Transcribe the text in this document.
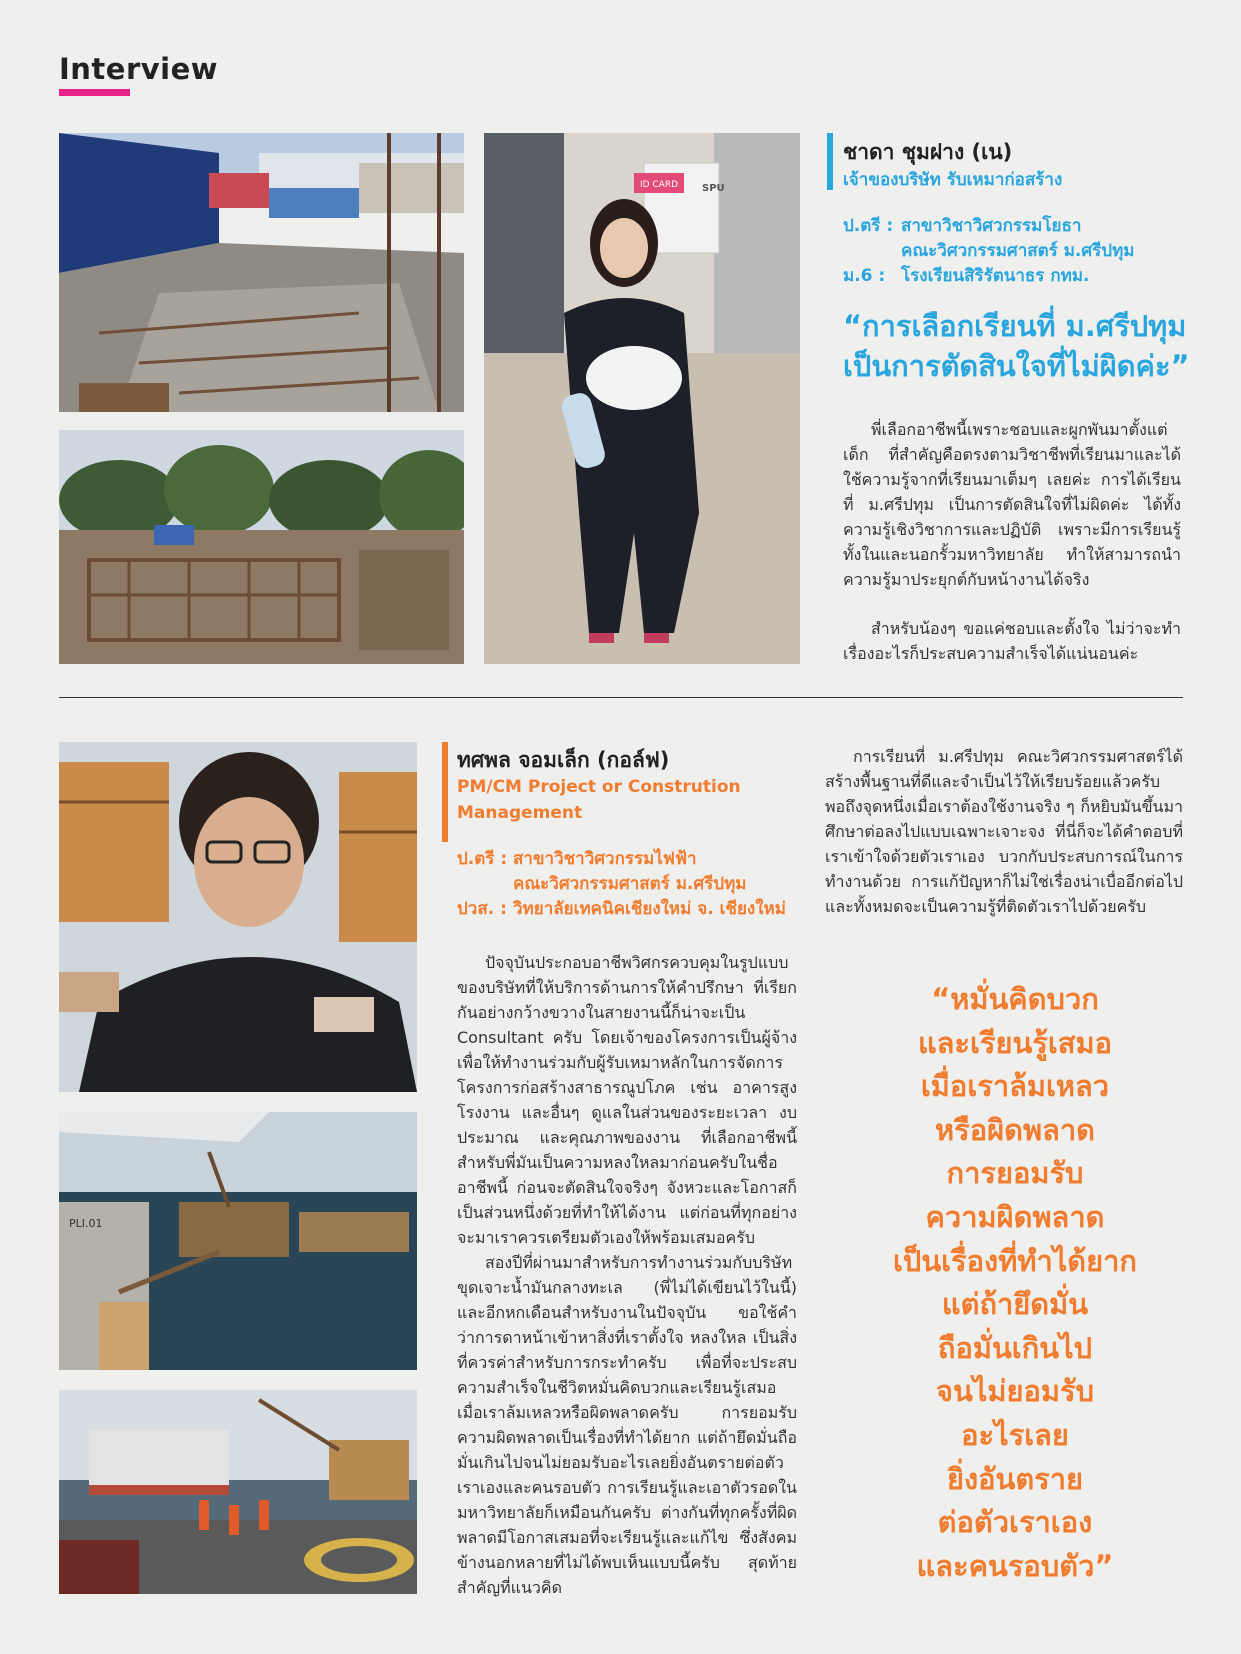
Interview
ID CARD SPU
ชาดา ชุมฝาง (เน)
เจ้าของบริษัท รับเหมาก่อสร้าง
ป.ตรี : สาขาวิชาวิศวกรรมโยธา
คณะวิศวกรรมศาสตร์ ม.ศรีปทุม
ม.6 : โรงเรียนสิริรัตนาธร กทม.
“การเลือกเรียนที่ ม.ศรีปทุม
เป็นการตัดสินใจที่ไม่ผิดค่ะ”
พี่เลือกอาชีพนี้เพราะชอบและผูกพันมาตั้งแต่เด็ก ที่สำคัญคือตรงตามวิชาชีพที่เรียนมาและได้ใช้ความรู้จากที่เรียนมาเต็มๆ เลยค่ะ การได้เรียนที่ ม.ศรีปทุม เป็นการตัดสินใจที่ไม่ผิดค่ะ ได้ทั้งความรู้เชิงวิชาการและปฏิบัติ เพราะมีการเรียนรู้ทั้งในและนอกรั้วมหาวิทยาลัย ทำให้สามารถนำความรู้มาประยุกต์กับหน้างานได้จริง
สำหรับน้องๆ ขอแค่ชอบและตั้งใจ ไม่ว่าจะทำเรื่องอะไรก็ประสบความสำเร็จได้แน่นอนค่ะ
PLI.01
ทศพล จอมเล็ก (กอล์ฟ)
PM/CM Project or Constrution Management
ป.ตรี : สาขาวิชาวิศวกรรมไฟฟ้า
คณะวิศวกรรมศาสตร์ ม.ศรีปทุม
ปวส. : วิทยาลัยเทคนิคเชียงใหม่ จ. เชียงใหม่
ปัจจุบันประกอบอาชีพวิศกรควบคุมในรูปแบบของบริษัทที่ให้บริการด้านการให้คำปรึกษา ที่เรียกกันอย่างกว้างขวางในสายงานนี้ก็น่าจะเป็น Consultant ครับ โดยเจ้าของโครงการเป็นผู้จ้างเพื่อให้ทำงานร่วมกับผู้รับเหมาหลักในการจัดการโครงการก่อสร้างสาธารณูปโภค เช่น อาคารสูง โรงงาน และอื่นๆ ดูแลในส่วนของระยะเวลา งบประมาณ และคุณภาพของงาน ที่เลือกอาชีพนี้ สำหรับพี่มันเป็นความหลงใหลมาก่อนครับในชื่ออาชีพนี้ ก่อนจะตัดสินใจจริงๆ จังหวะและโอกาสก็เป็นส่วนหนึ่งด้วยที่ทำให้ได้งาน แต่ก่อนที่ทุกอย่างจะมาเราควรเตรียมตัวเองให้พร้อมเสมอครับ
สองปีที่ผ่านมาสำหรับการทำงานร่วมกับบริษัทขุดเจาะน้ำมันกลางทะเล (พี่ไม่ได้เขียนไว้ในนี้) และอีกหกเดือนสำหรับงานในปัจจุบัน ขอใช้คำว่าการดาหน้าเข้าหาสิ่งที่เราตั้งใจ หลงใหล เป็นสิ่งที่ควรค่าสำหรับการกระทำครับ เพื่อที่จะประสบความสำเร็จในชีวิตหมั่นคิดบวกและเรียนรู้เสมอเมื่อเราล้มเหลวหรือผิดพลาดครับ การยอมรับความผิดพลาดเป็นเรื่องที่ทำได้ยาก แต่ถ้ายึดมั่นถือมั่นเกินไปจนไม่ยอมรับอะไรเลยยิ่งอันตรายต่อตัวเราเองและคนรอบตัว การเรียนรู้และเอาตัวรอดในมหาวิทยาลัยก็เหมือนกันครับ ต่างกันที่ทุกครั้งที่ผิดพลาดมีโอกาสเสมอที่จะเรียนรู้และแก้ไข ซึ่งสังคมข้างนอกหลายที่ไม่ได้พบเห็นแบบนี้ครับ สุดท้ายสำคัญที่แนวคิด
การเรียนที่ ม.ศรีปทุม คณะวิศวกรรมศาสตร์ได้สร้างพื้นฐานที่ดีและจำเป็นไว้ให้เรียบร้อยแล้วครับ พอถึงจุดหนึ่งเมื่อเราต้องใช้งานจริง ๆ ก็หยิบมันขึ้นมาศึกษาต่อลงไปแบบเฉพาะเจาะจง ที่นี่ก็จะได้คำตอบที่เราเข้าใจด้วยตัวเราเอง บวกกับประสบการณ์ในการทำงานด้วย การแก้ปัญหาก็ไม่ใช่เรื่องน่าเบื่ออีกต่อไปและทั้งหมดจะเป็นความรู้ที่ติดตัวเราไปด้วยครับ
“หมั่นคิดบวก
และเรียนรู้เสมอ
เมื่อเราล้มเหลว
หรือผิดพลาด
การยอมรับ
ความผิดพลาด
เป็นเรื่องที่ทำได้ยาก
แต่ถ้ายึดมั่น
ถือมั่นเกินไป
จนไม่ยอมรับ
อะไรเลย
ยิ่งอันตราย
ต่อตัวเราเอง
และคนรอบตัว”
